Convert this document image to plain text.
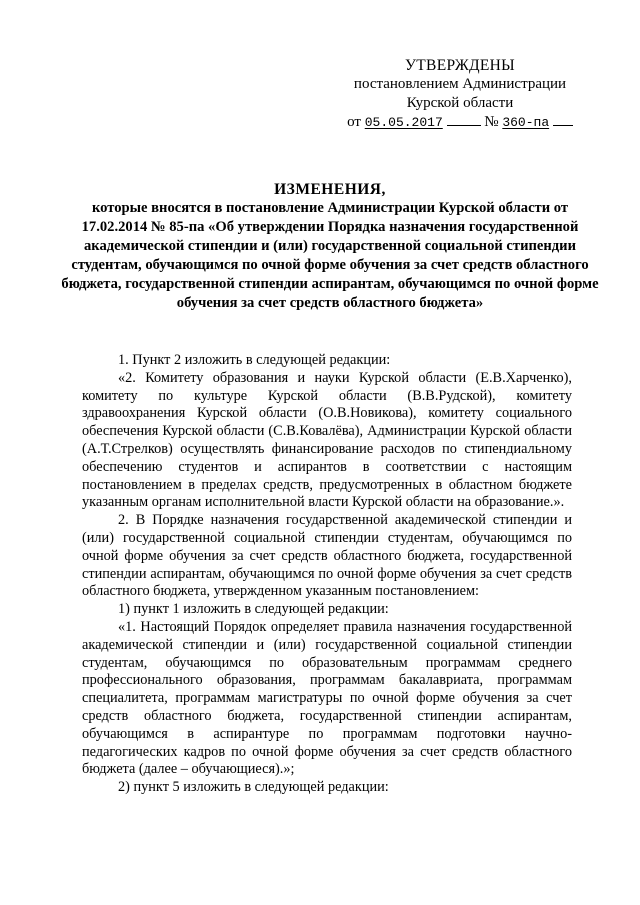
УТВЕРЖДЕНЫ
постановлением Администрации
Курской области
от 05.05.2017	№ 360-па
ИЗМЕНЕНИЯ,
которые вносятся в постановление Администрации Курской области от 17.02.2014 № 85-па «Об утверждении Порядка назначения государственной академической стипендии и (или) государственной социальной стипендии студентам, обучающимся по очной форме обучения за счет средств областного бюджета, государственной стипендии аспирантам, обучающимся по очной форме обучения за счет средств областного бюджета»

1. Пункт 2 изложить в следующей редакции:

«2. Комитету образования и науки Курской области (Е.В.Харченко), комитету по культуре Курской области (В.В.Рудской), комитету здравоохранения Курской области (О.В.Новикова), комитету социального обеспечения Курской области (С.В.Ковалёва), Администрации Курской области (А.Т.Стрелков) осуществлять финансирование расходов по стипендиальному обеспечению студентов и аспирантов в соответствии с настоящим постановлением в пределах средств, предусмотренных в областном бюджете указанным органам исполнительной власти Курской области на образование.».

2. В Порядке назначения государственной академической стипендии и (или) государственной социальной стипендии студентам, обучающимся по очной форме обучения за счет средств областного бюджета, государственной стипендии аспирантам, обучающимся по очной форме обучения за счет средств областного бюджета, утвержденном указанным постановлением:

1) пункт 1 изложить в следующей редакции:

«1. Настоящий Порядок определяет правила назначения государственной академической стипендии и (или) государственной социальной стипендии студентам, обучающимся по образовательным программам среднего профессионального образования, программам бакалавриата, программам специалитета, программам магистратуры по очной форме обучения за счет средств областного бюджета, государственной стипендии аспирантам, обучающимся в аспирантуре по программам подготовки научно-педагогических кадров по очной форме обучения за счет средств областного бюджета (далее – обучающиеся).»;

2) пункт 5 изложить в следующей редакции:
